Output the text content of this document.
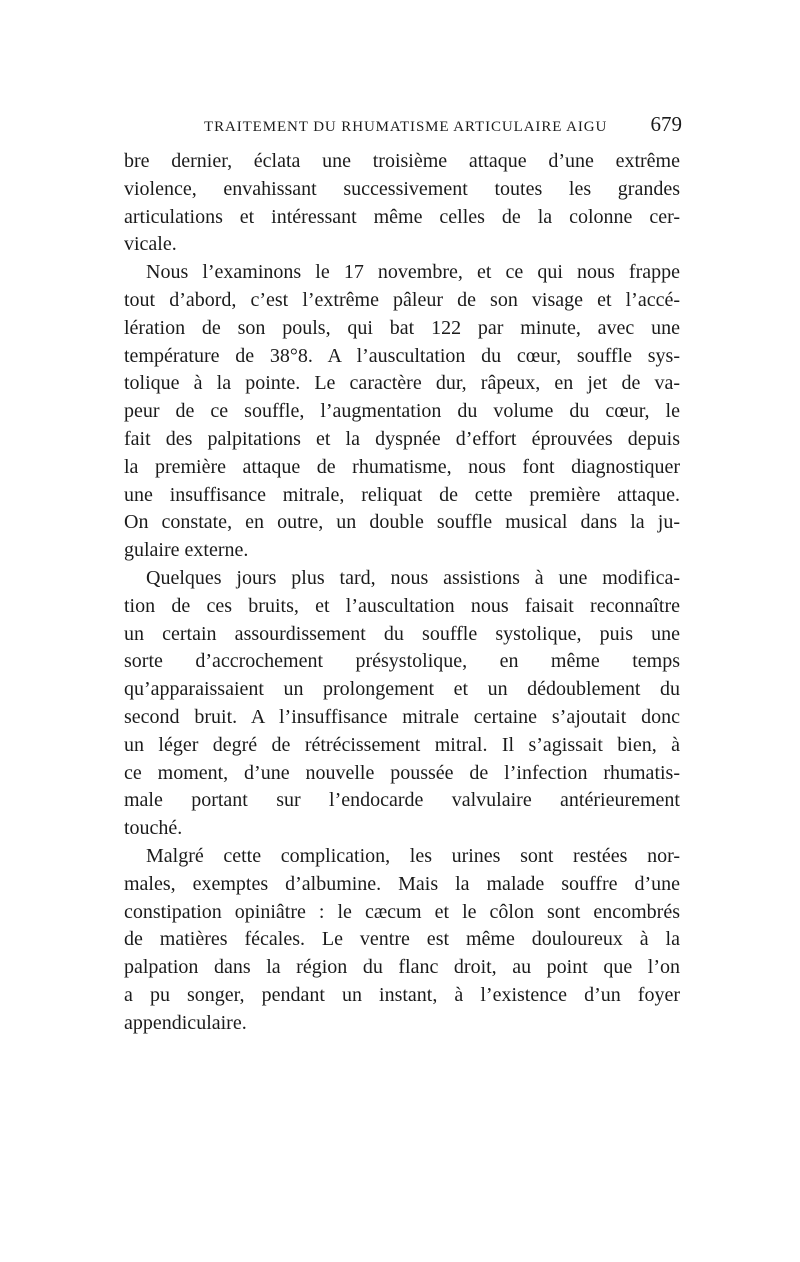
TRAITEMENT DU RHUMATISME ARTICULAIRE AIGU 679

bre dernier, éclata une troisième attaque d’une extrême
violence, envahissant successivement toutes les grandes
articulations et intéressant même celles de la colonne cer-
vicale.

Nous l’examinons le 17 novembre, et ce qui nous frappe
tout d’abord, c’est l’extrême pâleur de son visage et l’accé-
lération de son pouls, qui bat 122 par minute, avec une
température de 38°8. A l’auscultation du cœur, souffle sys-
tolique à la pointe. Le caractère dur, râpeux, en jet de va-
peur de ce souffle, l’augmentation du volume du cœur, le
fait des palpitations et la dyspnée d’effort éprouvées depuis
la première attaque de rhumatisme, nous font diagnostiquer
une insuffisance mitrale, reliquat de cette première attaque.
On constate, en outre, un double souffle musical dans la ju-
gulaire externe.

Quelques jours plus tard, nous assistions à une modifica-
tion de ces bruits, et l’auscultation nous faisait reconnaître
un certain assourdissement du souffle systolique, puis une
sorte d’accrochement présystolique, en même temps
qu’apparaissaient un prolongement et un dédoublement du
second bruit. A l’insuffisance mitrale certaine s’ajoutait donc
un léger degré de rétrécissement mitral. Il s’agissait bien, à
ce moment, d’une nouvelle poussée de l’infection rhumatis-
male portant sur l’endocarde valvulaire antérieurement
touché.

Malgré cette complication, les urines sont restées nor-
males, exemptes d’albumine. Mais la malade souffre d’une
constipation opiniâtre : le cæcum et le côlon sont encombrés
de matières fécales. Le ventre est même douloureux à la
palpation dans la région du flanc droit, au point que l’on
a pu songer, pendant un instant, à l’existence d’un foyer
appendiculaire.
